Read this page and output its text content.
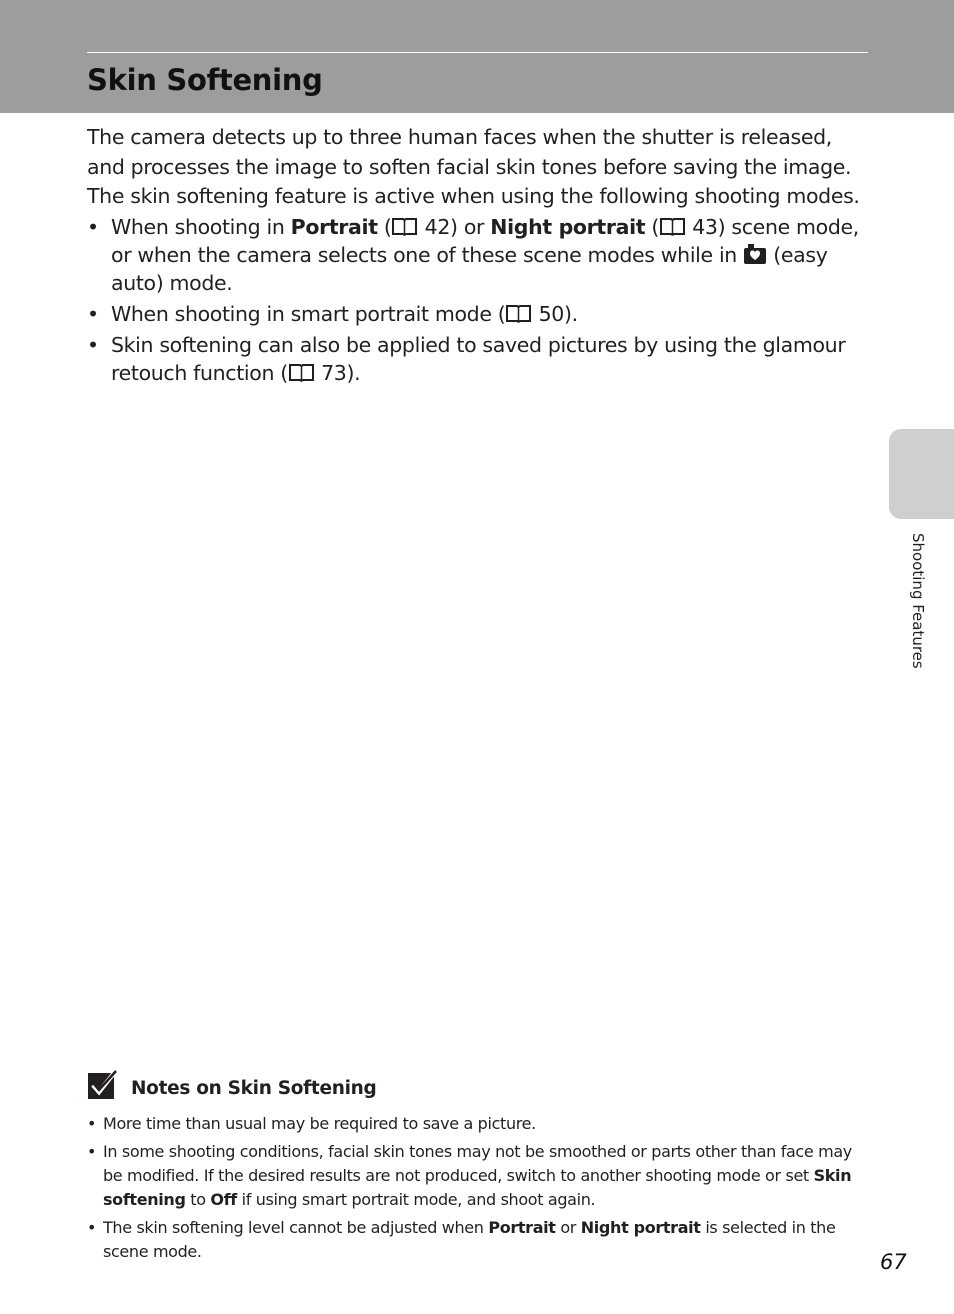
Skin Softening

The camera detects up to three human faces when the shutter is released, and processes the image to soften facial skin tones before saving the image. The skin softening feature is active when using the following shooting modes.

• When shooting in Portrait ( 42) or Night portrait ( 43) scene mode, or when the camera selects one of these scene modes while in  (easy auto) mode.
• When shooting in smart portrait mode ( 50).
• Skin softening can also be applied to saved pictures by using the glamour retouch function ( 73).
Shooting Features
Notes on Skin Softening
• More time than usual may be required to save a picture.
• In some shooting conditions, facial skin tones may not be smoothed or parts other than face may be modified. If the desired results are not produced, switch to another shooting mode or set Skin softening to Off if using smart portrait mode, and shoot again.
• The skin softening level cannot be adjusted when Portrait or Night portrait is selected in the scene mode.	67
